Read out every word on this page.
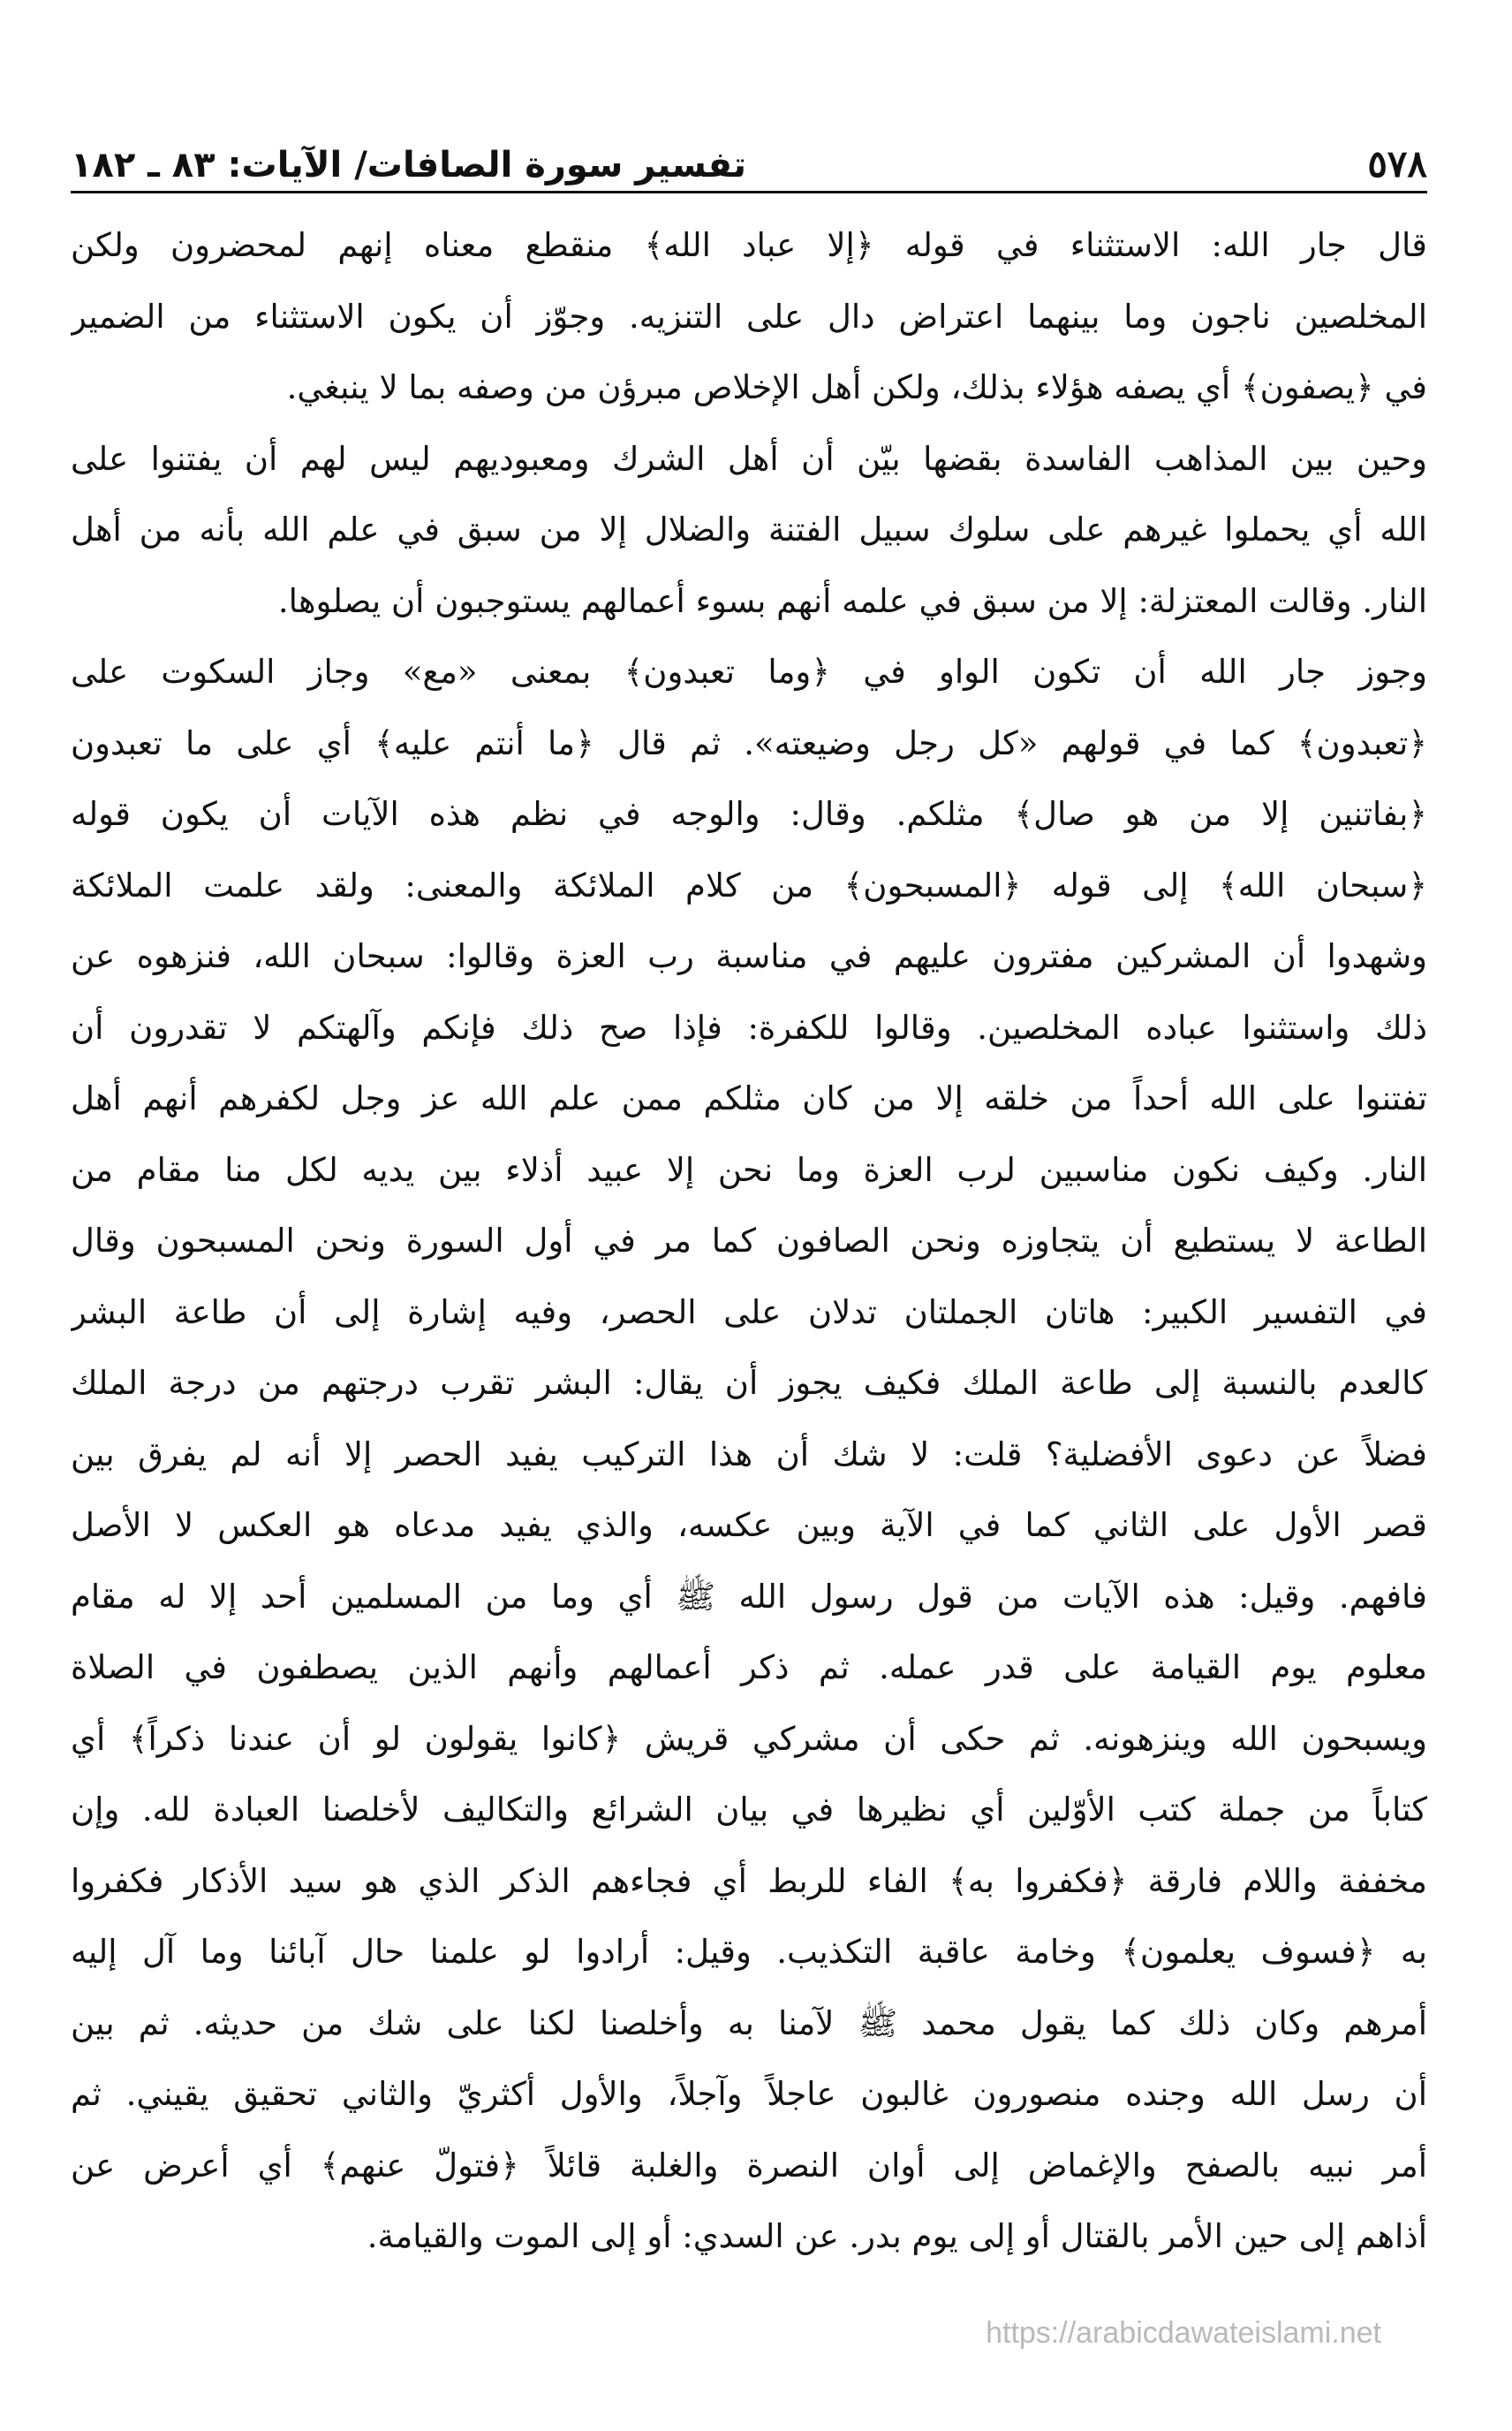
٥٧٨
تفسير سورة الصافات/ الآيات: ٨٣ ـ ١٨٢
قال جار الله: الاستثناء في قوله ﴿إلا عباد الله﴾ منقطع معناه إنهم لمحضرون ولكن
المخلصين ناجون وما بينهما اعتراض دال على التنزيه. وجوّز أن يكون الاستثناء من الضمير
في ﴿يصفون﴾ أي يصفه هؤلاء بذلك، ولكن أهل الإخلاص مبرؤن من وصفه بما لا ينبغي.
وحين بين المذاهب الفاسدة بقضها بيّن أن أهل الشرك ومعبوديهم ليس لهم أن يفتنوا على
الله أي يحملوا غيرهم على سلوك سبيل الفتنة والضلال إلا من سبق في علم الله بأنه من أهل
النار. وقالت المعتزلة: إلا من سبق في علمه أنهم بسوء أعمالهم يستوجبون أن يصلوها.
وجوز جار الله أن تكون الواو في ﴿وما تعبدون﴾ بمعنى «مع» وجاز السكوت على
﴿تعبدون﴾ كما في قولهم «كل رجل وضيعته». ثم قال ﴿ما أنتم عليه﴾ أي على ما تعبدون
﴿بفاتنين إلا من هو صال﴾ مثلكم. وقال: والوجه في نظم هذه الآيات أن يكون قوله
﴿سبحان الله﴾ إلى قوله ﴿المسبحون﴾ من كلام الملائكة والمعنى: ولقد علمت الملائكة
وشهدوا أن المشركين مفترون عليهم في مناسبة رب العزة وقالوا: سبحان الله، فنزهوه عن
ذلك واستثنوا عباده المخلصين. وقالوا للكفرة: فإذا صح ذلك فإنكم وآلهتكم لا تقدرون أن
تفتنوا على الله أحداً من خلقه إلا من كان مثلكم ممن علم الله عز وجل لكفرهم أنهم أهل
النار. وكيف نكون مناسبين لرب العزة وما نحن إلا عبيد أذلاء بين يديه لكل منا مقام من
الطاعة لا يستطيع أن يتجاوزه ونحن الصافون كما مر في أول السورة ونحن المسبحون وقال
في التفسير الكبير: هاتان الجملتان تدلان على الحصر، وفيه إشارة إلى أن طاعة البشر
كالعدم بالنسبة إلى طاعة الملك فكيف يجوز أن يقال: البشر تقرب درجتهم من درجة الملك
فضلاً عن دعوى الأفضلية؟ قلت: لا شك أن هذا التركيب يفيد الحصر إلا أنه لم يفرق بين
قصر الأول على الثاني كما في الآية وبين عكسه، والذي يفيد مدعاه هو العكس لا الأصل
فافهم. وقيل: هذه الآيات من قول رسول الله ﷺ أي وما من المسلمين أحد إلا له مقام
معلوم يوم القيامة على قدر عمله. ثم ذكر أعمالهم وأنهم الذين يصطفون في الصلاة
ويسبحون الله وينزهونه. ثم حكى أن مشركي قريش ﴿كانوا يقولون لو أن عندنا ذكراً﴾ أي
كتاباً من جملة كتب الأوّلين أي نظيرها في بيان الشرائع والتكاليف لأخلصنا العبادة لله. وإن
مخففة واللام فارقة ﴿فكفروا به﴾ الفاء للربط أي فجاءهم الذكر الذي هو سيد الأذكار فكفروا
به ﴿فسوف يعلمون﴾ وخامة عاقبة التكذيب. وقيل: أرادوا لو علمنا حال آبائنا وما آل إليه
أمرهم وكان ذلك كما يقول محمد ﷺ لآمنا به وأخلصنا لكنا على شك من حديثه. ثم بين
أن رسل الله وجنده منصورون غالبون عاجلاً وآجلاً، والأول أكثريّ والثاني تحقيق يقيني. ثم
أمر نبيه بالصفح والإغماض إلى أوان النصرة والغلبة قائلاً ﴿فتولّ عنهم﴾ أي أعرض عن
أذاهم إلى حين الأمر بالقتال أو إلى يوم بدر. عن السدي: أو إلى الموت والقيامة.
https://arabicdawateislami.net
